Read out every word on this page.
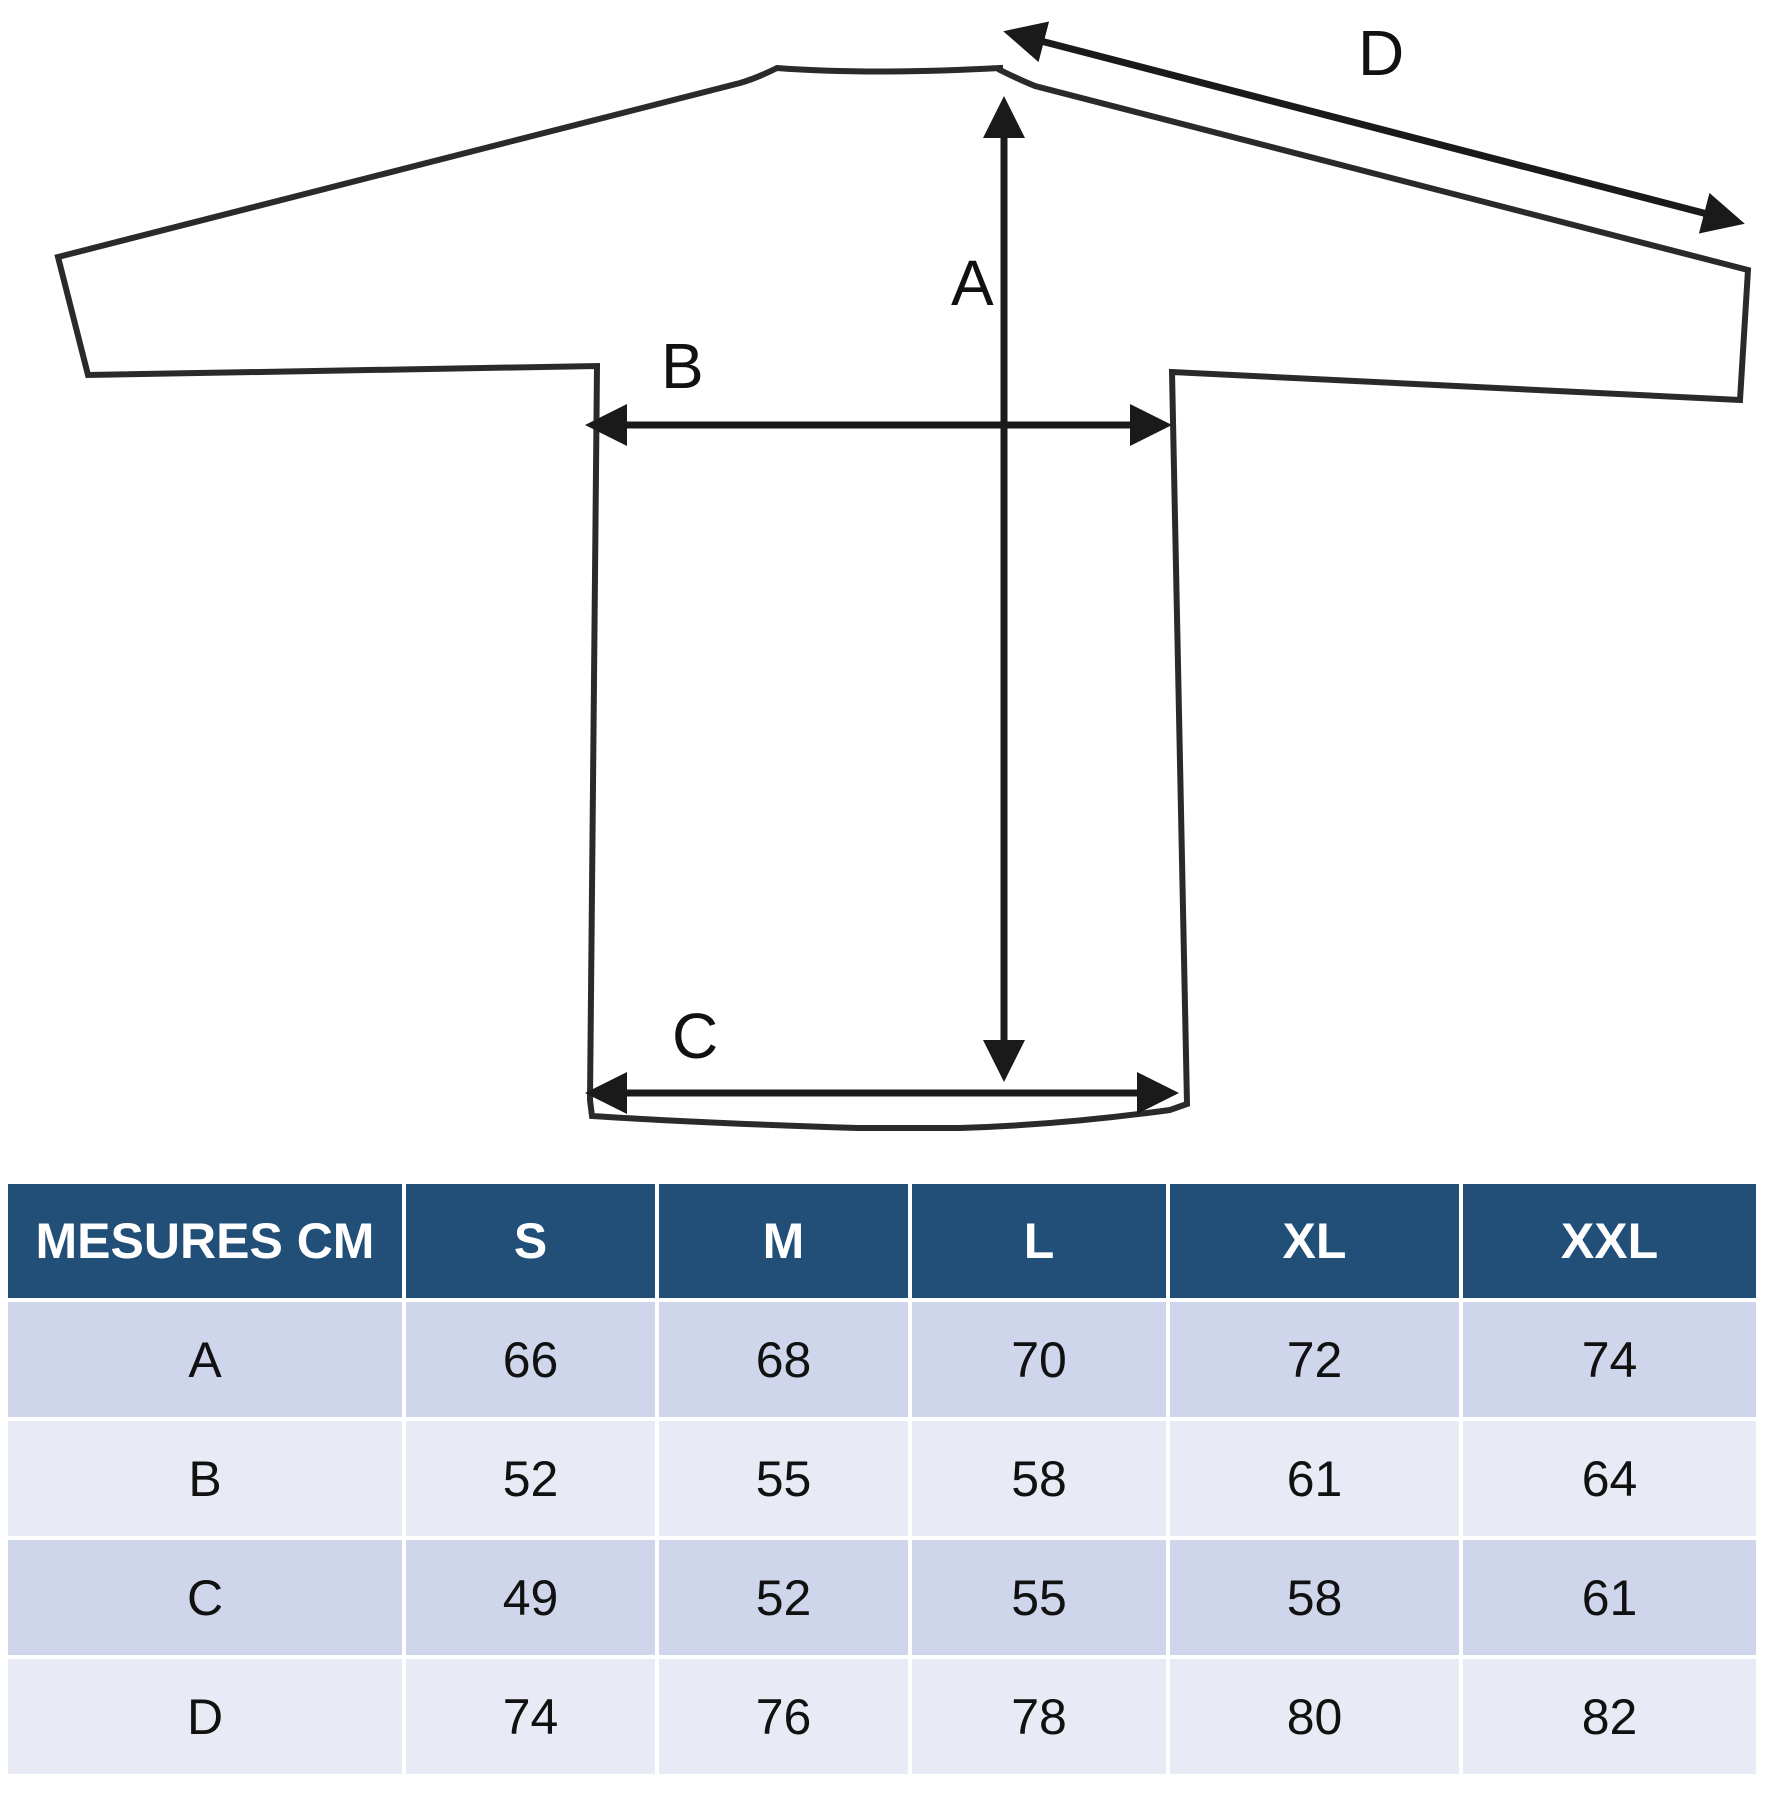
A
B
C
D
MESURES CM	S	M	L	XL	XXL
A	66	68	70	72	74
B	52	55	58	61	64
C	49	52	55	58	61
D	74	76	78	80	82
